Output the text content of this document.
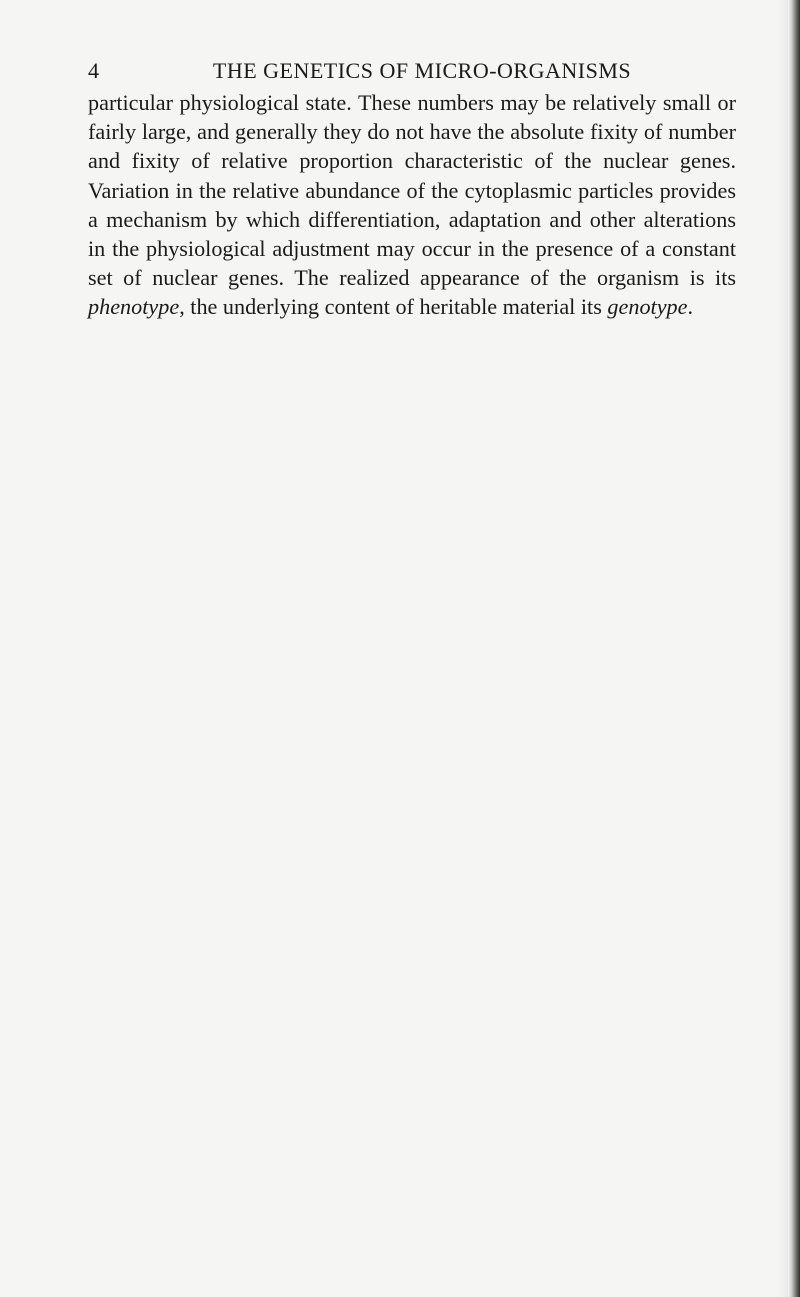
4	THE GENETICS OF MICRO-ORGANISMS

particular physiological state. These numbers may be relatively small or fairly large, and generally they do not have the absolute fixity of number and fixity of relative proportion characteristic of the nuclear genes. Variation in the relative abundance of the cytoplasmic particles provides a mechanism by which differentiation, adaptation and other alterations in the physiological adjustment may occur in the presence of a constant set of nuclear genes. The realized appearance of the organism is its phenotype, the underlying content of heritable material its genotype.
